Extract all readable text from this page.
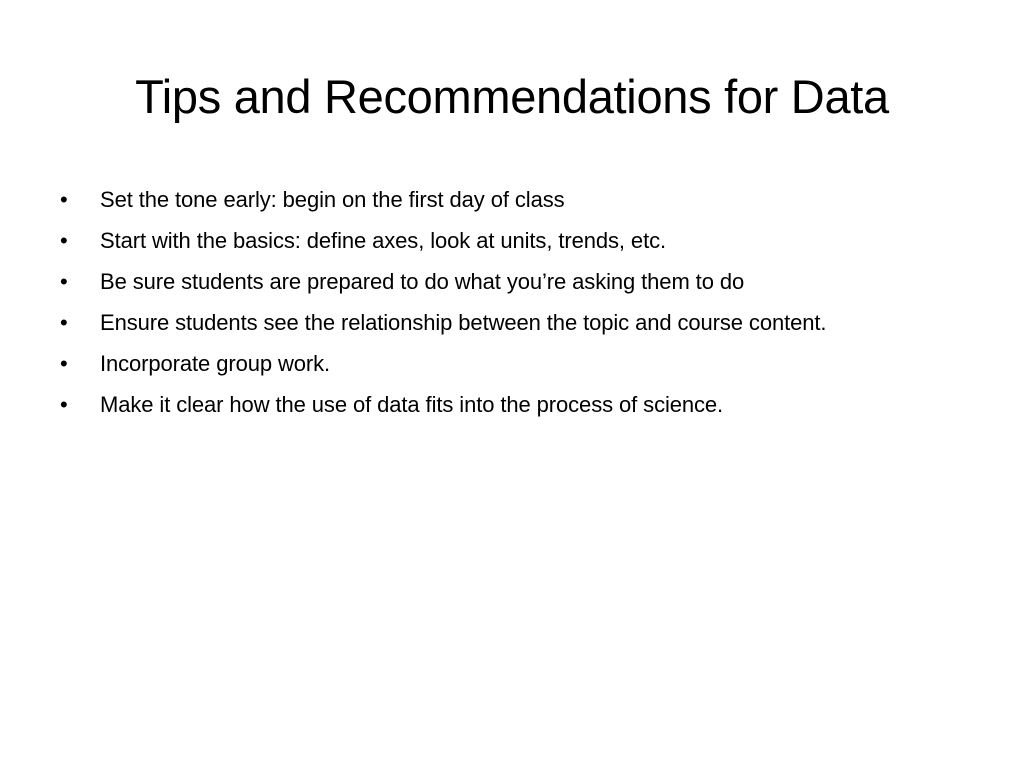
Tips and Recommendations for Data
•	Set the tone early: begin on the first day of class
•	Start with the basics: define axes, look at units, trends, etc.
•	Be sure students are prepared to do what you’re asking them to do
•	Ensure students see the relationship between the topic and course content.
•	Incorporate group work.
•	Make it clear how the use of data fits into the process of science.
